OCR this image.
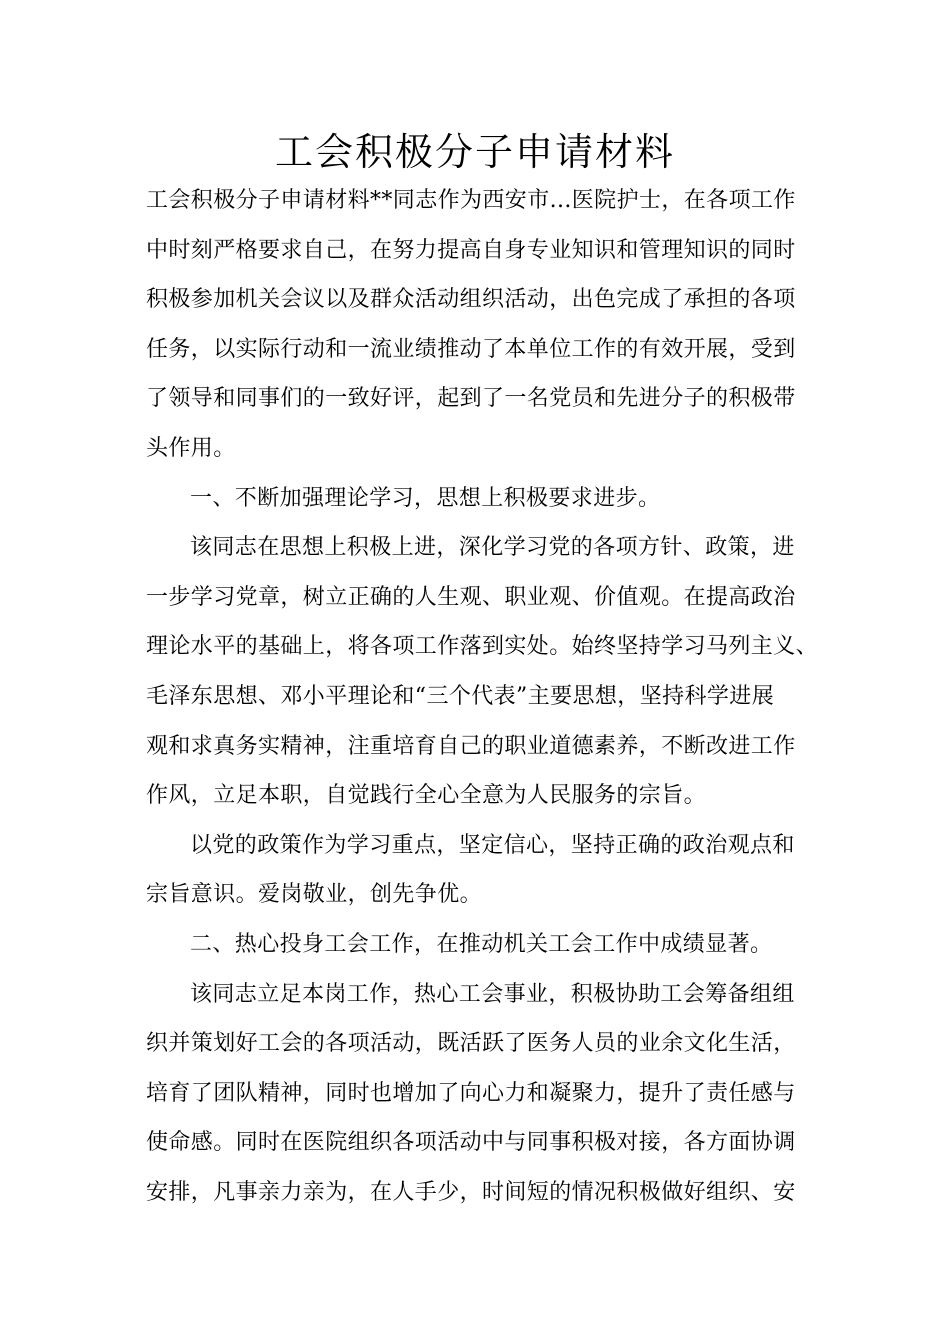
工会积极分子申请材料
工会积极分子申请材料**同志作为西安市...医院护士，在各项工作
中时刻严格要求自己，在努力提高自身专业知识和管理知识的同时
积极参加机关会议以及群众活动组织活动，出色完成了承担的各项
任务，以实际行动和一流业绩推动了本单位工作的有效开展，受到
了领导和同事们的一致好评，起到了一名党员和先进分子的积极带
头作用。
一、不断加强理论学习，思想上积极要求进步。
该同志在思想上积极上进，深化学习党的各项方针、政策，进
一步学习党章，树立正确的人生观、职业观、价值观。在提高政治
理论水平的基础上，将各项工作落到实处。始终坚持学习马列主义、
毛泽东思想、邓小平理论和“三个代表”主要思想，坚持科学进展
观和求真务实精神，注重培育自己的职业道德素养，不断改进工作
作风，立足本职，自觉践行全心全意为人民服务的宗旨。
以党的政策作为学习重点，坚定信心，坚持正确的政治观点和
宗旨意识。爱岗敬业，创先争优。
二、热心投身工会工作，在推动机关工会工作中成绩显著。
该同志立足本岗工作，热心工会事业，积极协助工会筹备组组
织并策划好工会的各项活动，既活跃了医务人员的业余文化生活，
培育了团队精神，同时也增加了向心力和凝聚力，提升了责任感与
使命感。同时在医院组织各项活动中与同事积极对接，各方面协调
安排，凡事亲力亲为，在人手少，时间短的情况积极做好组织、安
